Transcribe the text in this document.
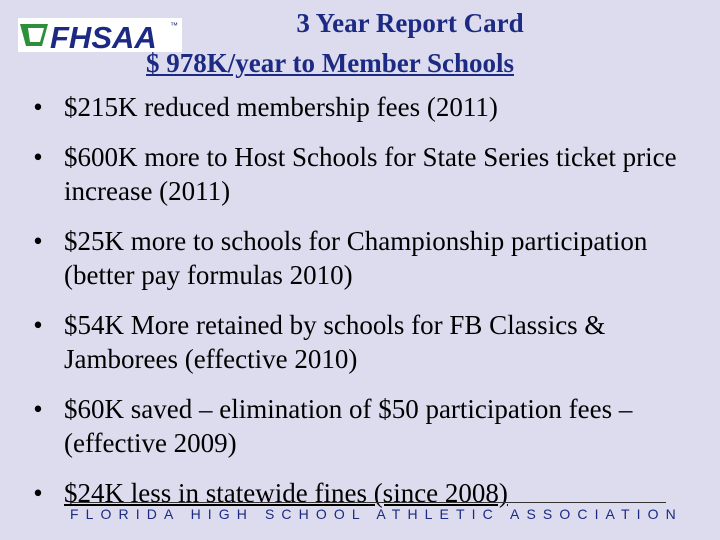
FHSAA ™	3 Year Report Card
$ 978K/year to Member Schools
• $215K reduced membership fees (2011)
• $600K more to Host Schools for State Series ticket price increase (2011)
• $25K more to schools for Championship participation (better pay formulas 2010)
• $54K More retained by schools for FB Classics & Jamborees (effective 2010)
• $60K saved – elimination of $50 participation fees – (effective 2009)
• $24K less in statewide fines (since 2008)
FLORIDA HIGH SCHOOL ATHLETIC ASSOCIATION
